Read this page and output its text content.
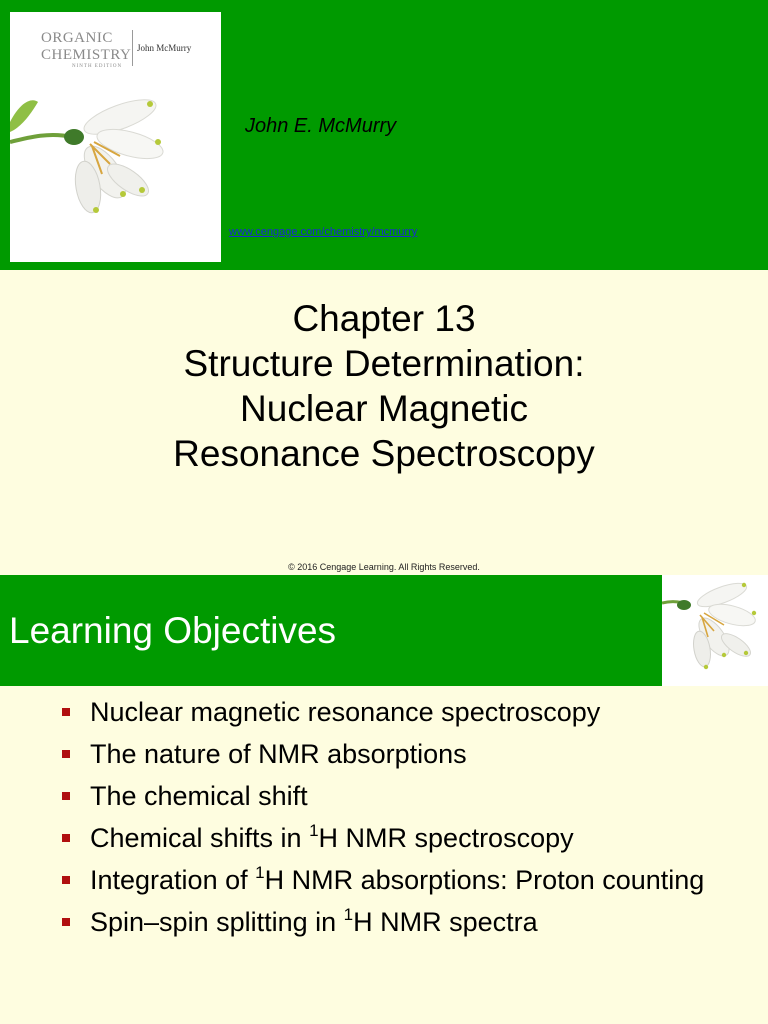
ORGANIC
CHEMISTRY
NINTH EDITION
John McMurry
John E. McMurry
www.cengage.com/chemistry/mcmurry
Chapter 13
Structure Determination:
Nuclear Magnetic
Resonance Spectroscopy
© 2016 Cengage Learning. All Rights Reserved.
Learning Objectives
Nuclear magnetic resonance spectroscopy
The nature of NMR absorptions
The chemical shift
Chemical shifts in $^1$H NMR spectroscopy
Integration of $^1$H NMR absorptions: Proton counting
Spin–spin splitting in $^1$H NMR spectra
